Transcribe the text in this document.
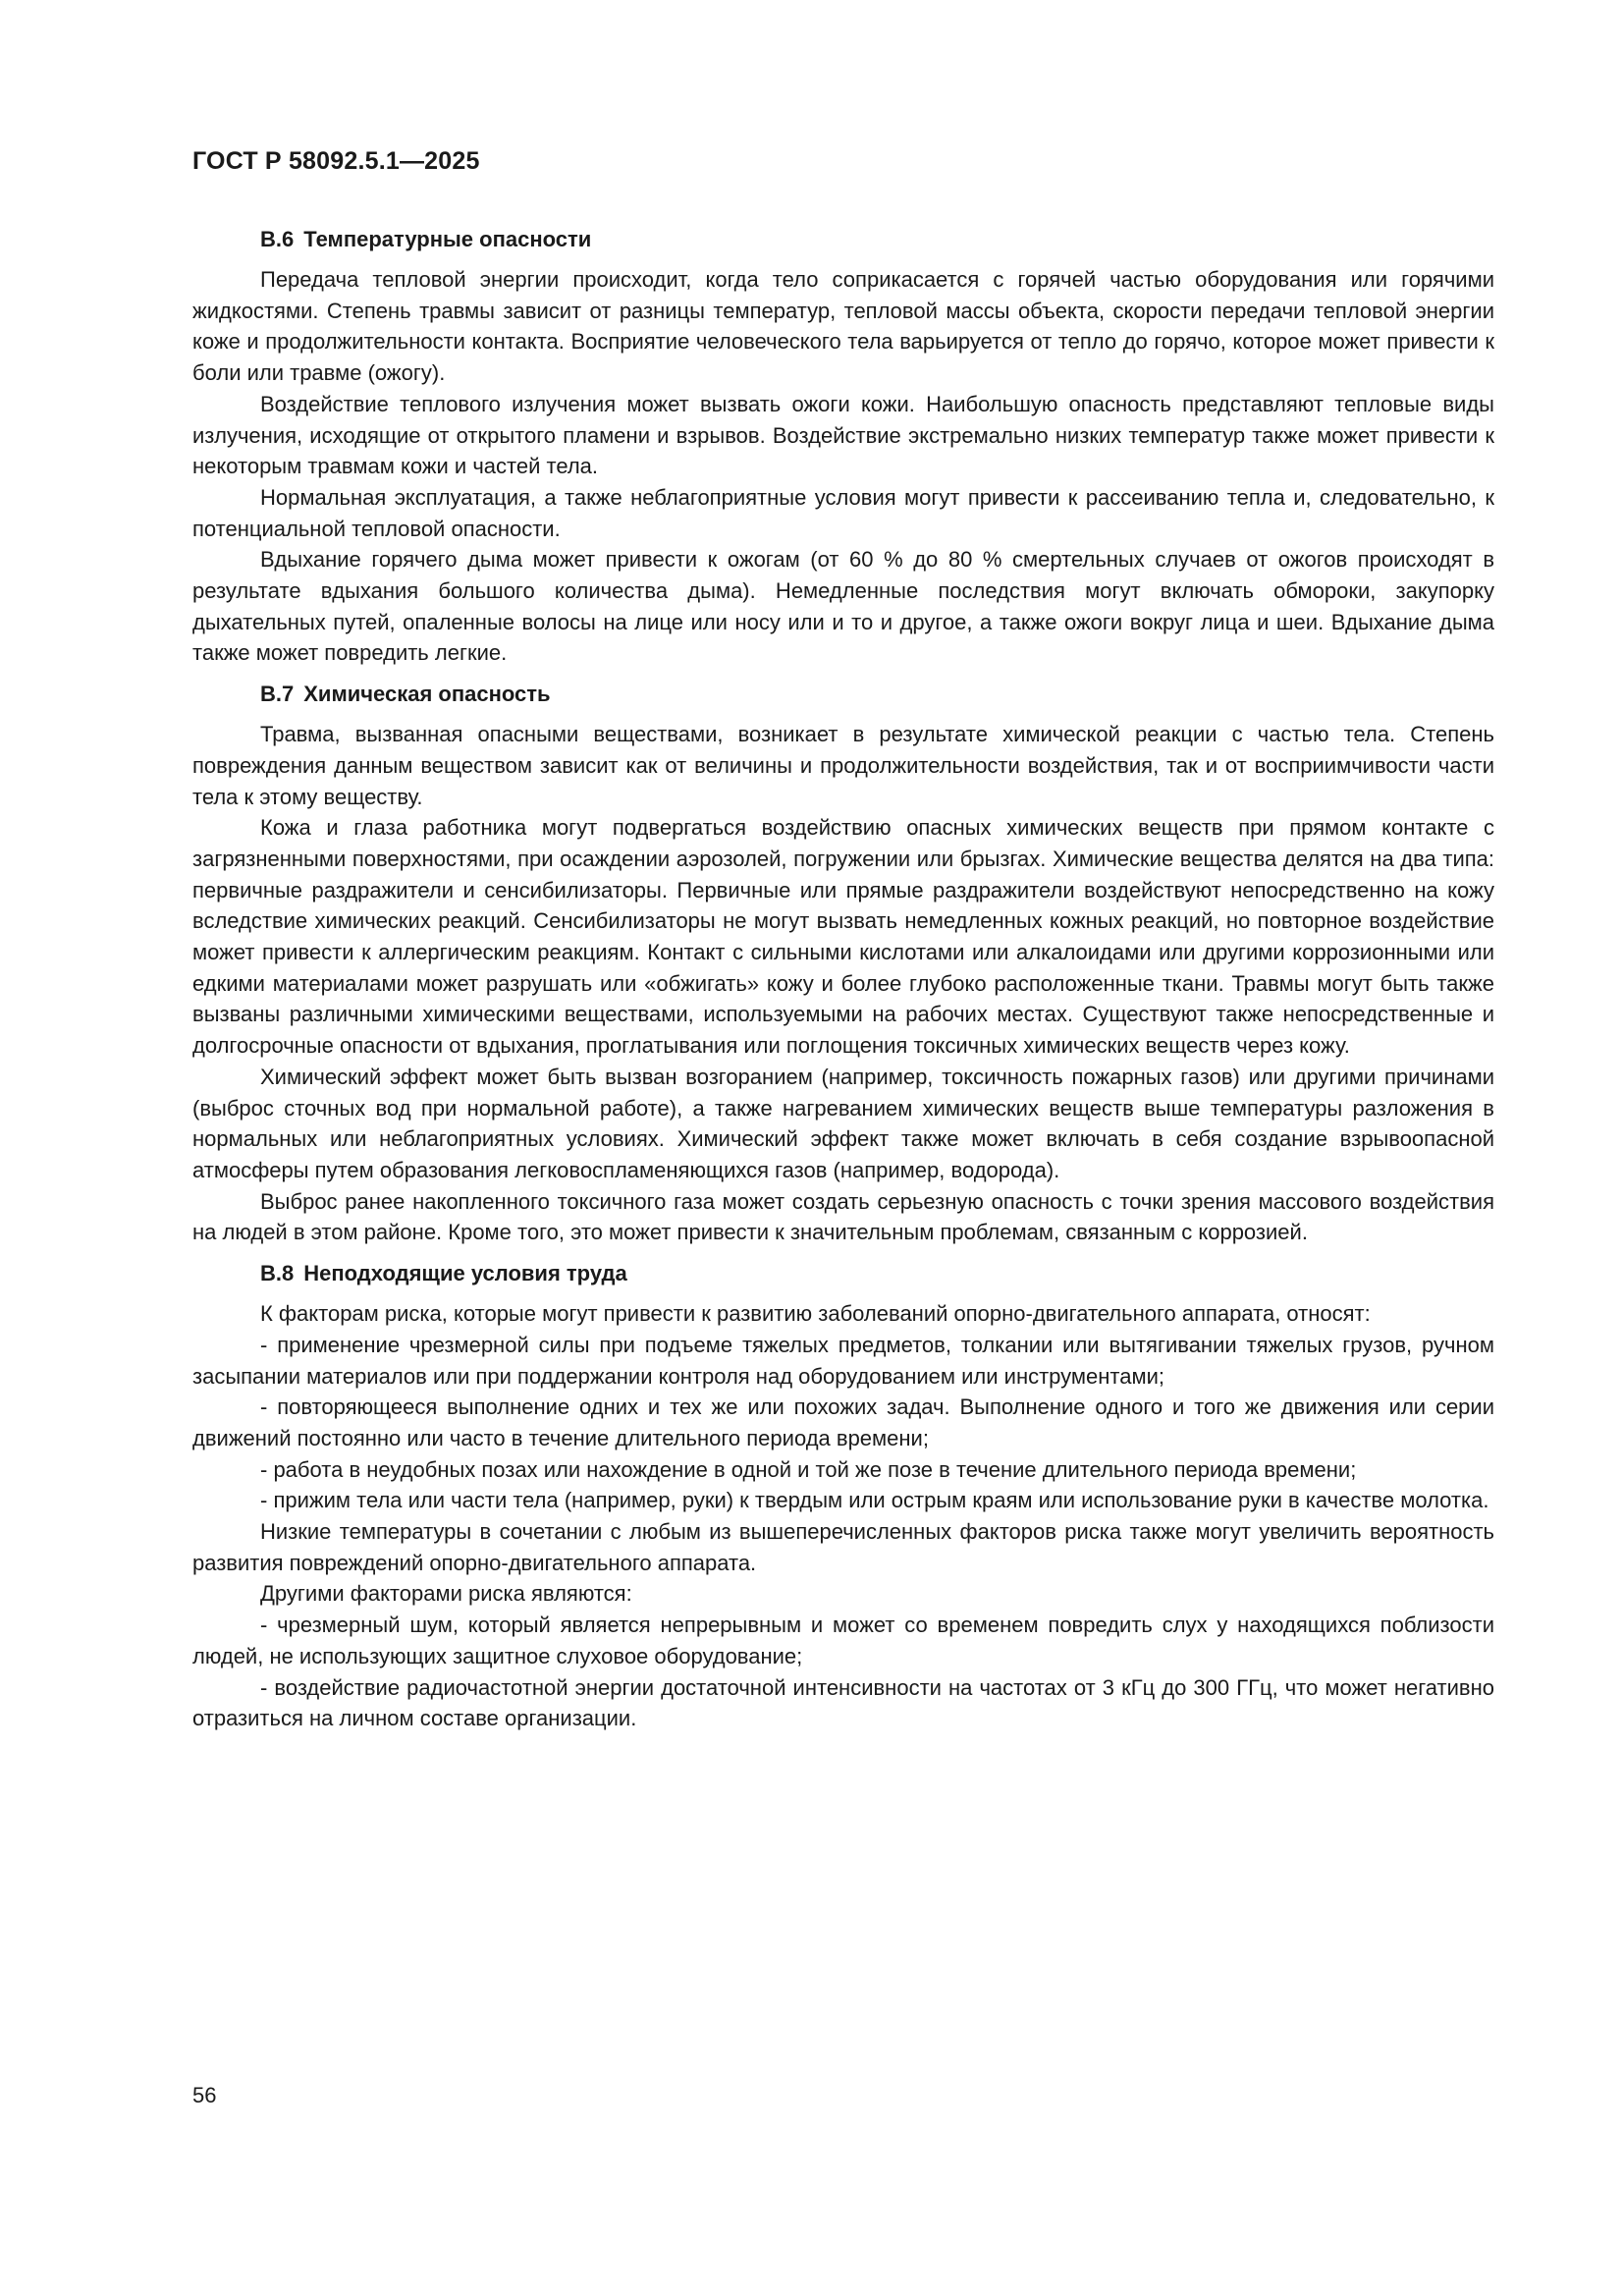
ГОСТ Р 58092.5.1—2025
В.6 Температурные опасности

Передача тепловой энергии происходит, когда тело соприкасается с горячей частью оборудования или горячими жидкостями. Степень травмы зависит от разницы температур, тепловой массы объекта, скорости передачи тепловой энергии коже и продолжительности контакта. Восприятие человеческого тела варьируется от тепло до горячо, которое может привести к боли или травме (ожогу).

Воздействие теплового излучения может вызвать ожоги кожи. Наибольшую опасность представляют тепловые виды излучения, исходящие от открытого пламени и взрывов. Воздействие экстремально низких температур также может привести к некоторым травмам кожи и частей тела.

Нормальная эксплуатация, а также неблагоприятные условия могут привести к рассеиванию тепла и, следовательно, к потенциальной тепловой опасности.

Вдыхание горячего дыма может привести к ожогам (от 60 % до 80 % смертельных случаев от ожогов происходят в результате вдыхания большого количества дыма). Немедленные последствия могут включать обмороки, закупорку дыхательных путей, опаленные волосы на лице или носу или и то и другое, а также ожоги вокруг лица и шеи. Вдыхание дыма также может повредить легкие.

В.7 Химическая опасность

Травма, вызванная опасными веществами, возникает в результате химической реакции с частью тела. Степень повреждения данным веществом зависит как от величины и продолжительности воздействия, так и от восприимчивости части тела к этому веществу.

Кожа и глаза работника могут подвергаться воздействию опасных химических веществ при прямом контакте с загрязненными поверхностями, при осаждении аэрозолей, погружении или брызгах. Химические вещества делятся на два типа: первичные раздражители и сенсибилизаторы. Первичные или прямые раздражители воздействуют непосредственно на кожу вследствие химических реакций. Сенсибилизаторы не могут вызвать немедленных кожных реакций, но повторное воздействие может привести к аллергическим реакциям. Контакт с сильными кислотами или алкалоидами или другими коррозионными или едкими материалами может разрушать или «обжигать» кожу и более глубоко расположенные ткани. Травмы могут быть также вызваны различными химическими веществами, используемыми на рабочих местах. Существуют также непосредственные и долгосрочные опасности от вдыхания, проглатывания или поглощения токсичных химических веществ через кожу.

Химический эффект может быть вызван возгоранием (например, токсичность пожарных газов) или другими причинами (выброс сточных вод при нормальной работе), а также нагреванием химических веществ выше температуры разложения в нормальных или неблагоприятных условиях. Химический эффект также может включать в себя создание взрывоопасной атмосферы путем образования легковоспламеняющихся газов (например, водорода).

Выброс ранее накопленного токсичного газа может создать серьезную опасность с точки зрения массового воздействия на людей в этом районе. Кроме того, это может привести к значительным проблемам, связанным с коррозией.

В.8 Неподходящие условия труда

К факторам риска, которые могут привести к развитию заболеваний опорно-двигательного аппарата, относят:

- применение чрезмерной силы при подъеме тяжелых предметов, толкании или вытягивании тяжелых грузов, ручном засыпании материалов или при поддержании контроля над оборудованием или инструментами;

- повторяющееся выполнение одних и тех же или похожих задач. Выполнение одного и того же движения или серии движений постоянно или часто в течение длительного периода времени;

- работа в неудобных позах или нахождение в одной и той же позе в течение длительного периода времени;

- прижим тела или части тела (например, руки) к твердым или острым краям или использование руки в качестве молотка.

Низкие температуры в сочетании с любым из вышеперечисленных факторов риска также могут увеличить вероятность развития повреждений опорно-двигательного аппарата.

Другими факторами риска являются:

- чрезмерный шум, который является непрерывным и может со временем повредить слух у находящихся поблизости людей, не использующих защитное слуховое оборудование;

- воздействие радиочастотной энергии достаточной интенсивности на частотах от 3 кГц до 300 ГГц, что может негативно отразиться на личном составе организации.

56
